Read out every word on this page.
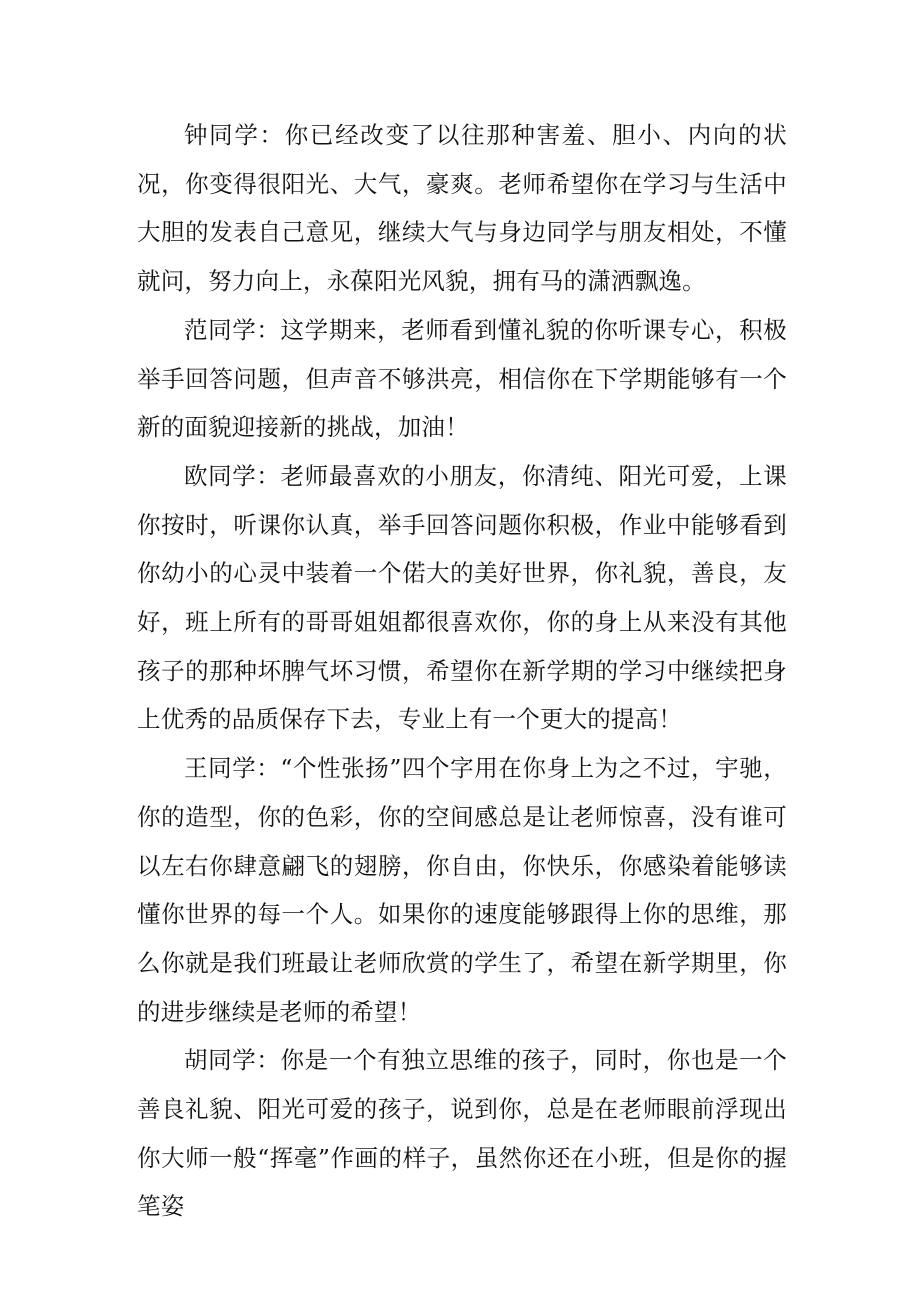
钟同学：你已经改变了以往那种害羞、胆小、内向的状况，你变得很阳光、大气，豪爽。老师希望你在学习与生活中大胆的发表自己意见，继续大气与身边同学与朋友相处，不懂就问，努力向上，永葆阳光风貌，拥有马的潇洒飘逸。

范同学：这学期来，老师看到懂礼貌的你听课专心，积极举手回答问题，但声音不够洪亮，相信你在下学期能够有一个新的面貌迎接新的挑战，加油！

欧同学：老师最喜欢的小朋友，你清纯、阳光可爱，上课你按时，听课你认真，举手回答问题你积极，作业中能够看到你幼小的心灵中装着一个偌大的美好世界，你礼貌，善良，友好，班上所有的哥哥姐姐都很喜欢你，你的身上从来没有其他孩子的那种坏脾气坏习惯，希望你在新学期的学习中继续把身上优秀的品质保存下去，专业上有一个更大的提高！

王同学：“个性张扬”四个字用在你身上为之不过，宇驰，你的造型，你的色彩，你的空间感总是让老师惊喜，没有谁可以左右你肆意翩飞的翅膀，你自由，你快乐，你感染着能够读懂你世界的每一个人。如果你的速度能够跟得上你的思维，那么你就是我们班最让老师欣赏的学生了，希望在新学期里，你的进步继续是老师的希望！

胡同学：你是一个有独立思维的孩子，同时，你也是一个善良礼貌、阳光可爱的孩子，说到你，总是在老师眼前浮现出你大师一般“挥毫”作画的样子，虽然你还在小班，但是你的握笔姿
